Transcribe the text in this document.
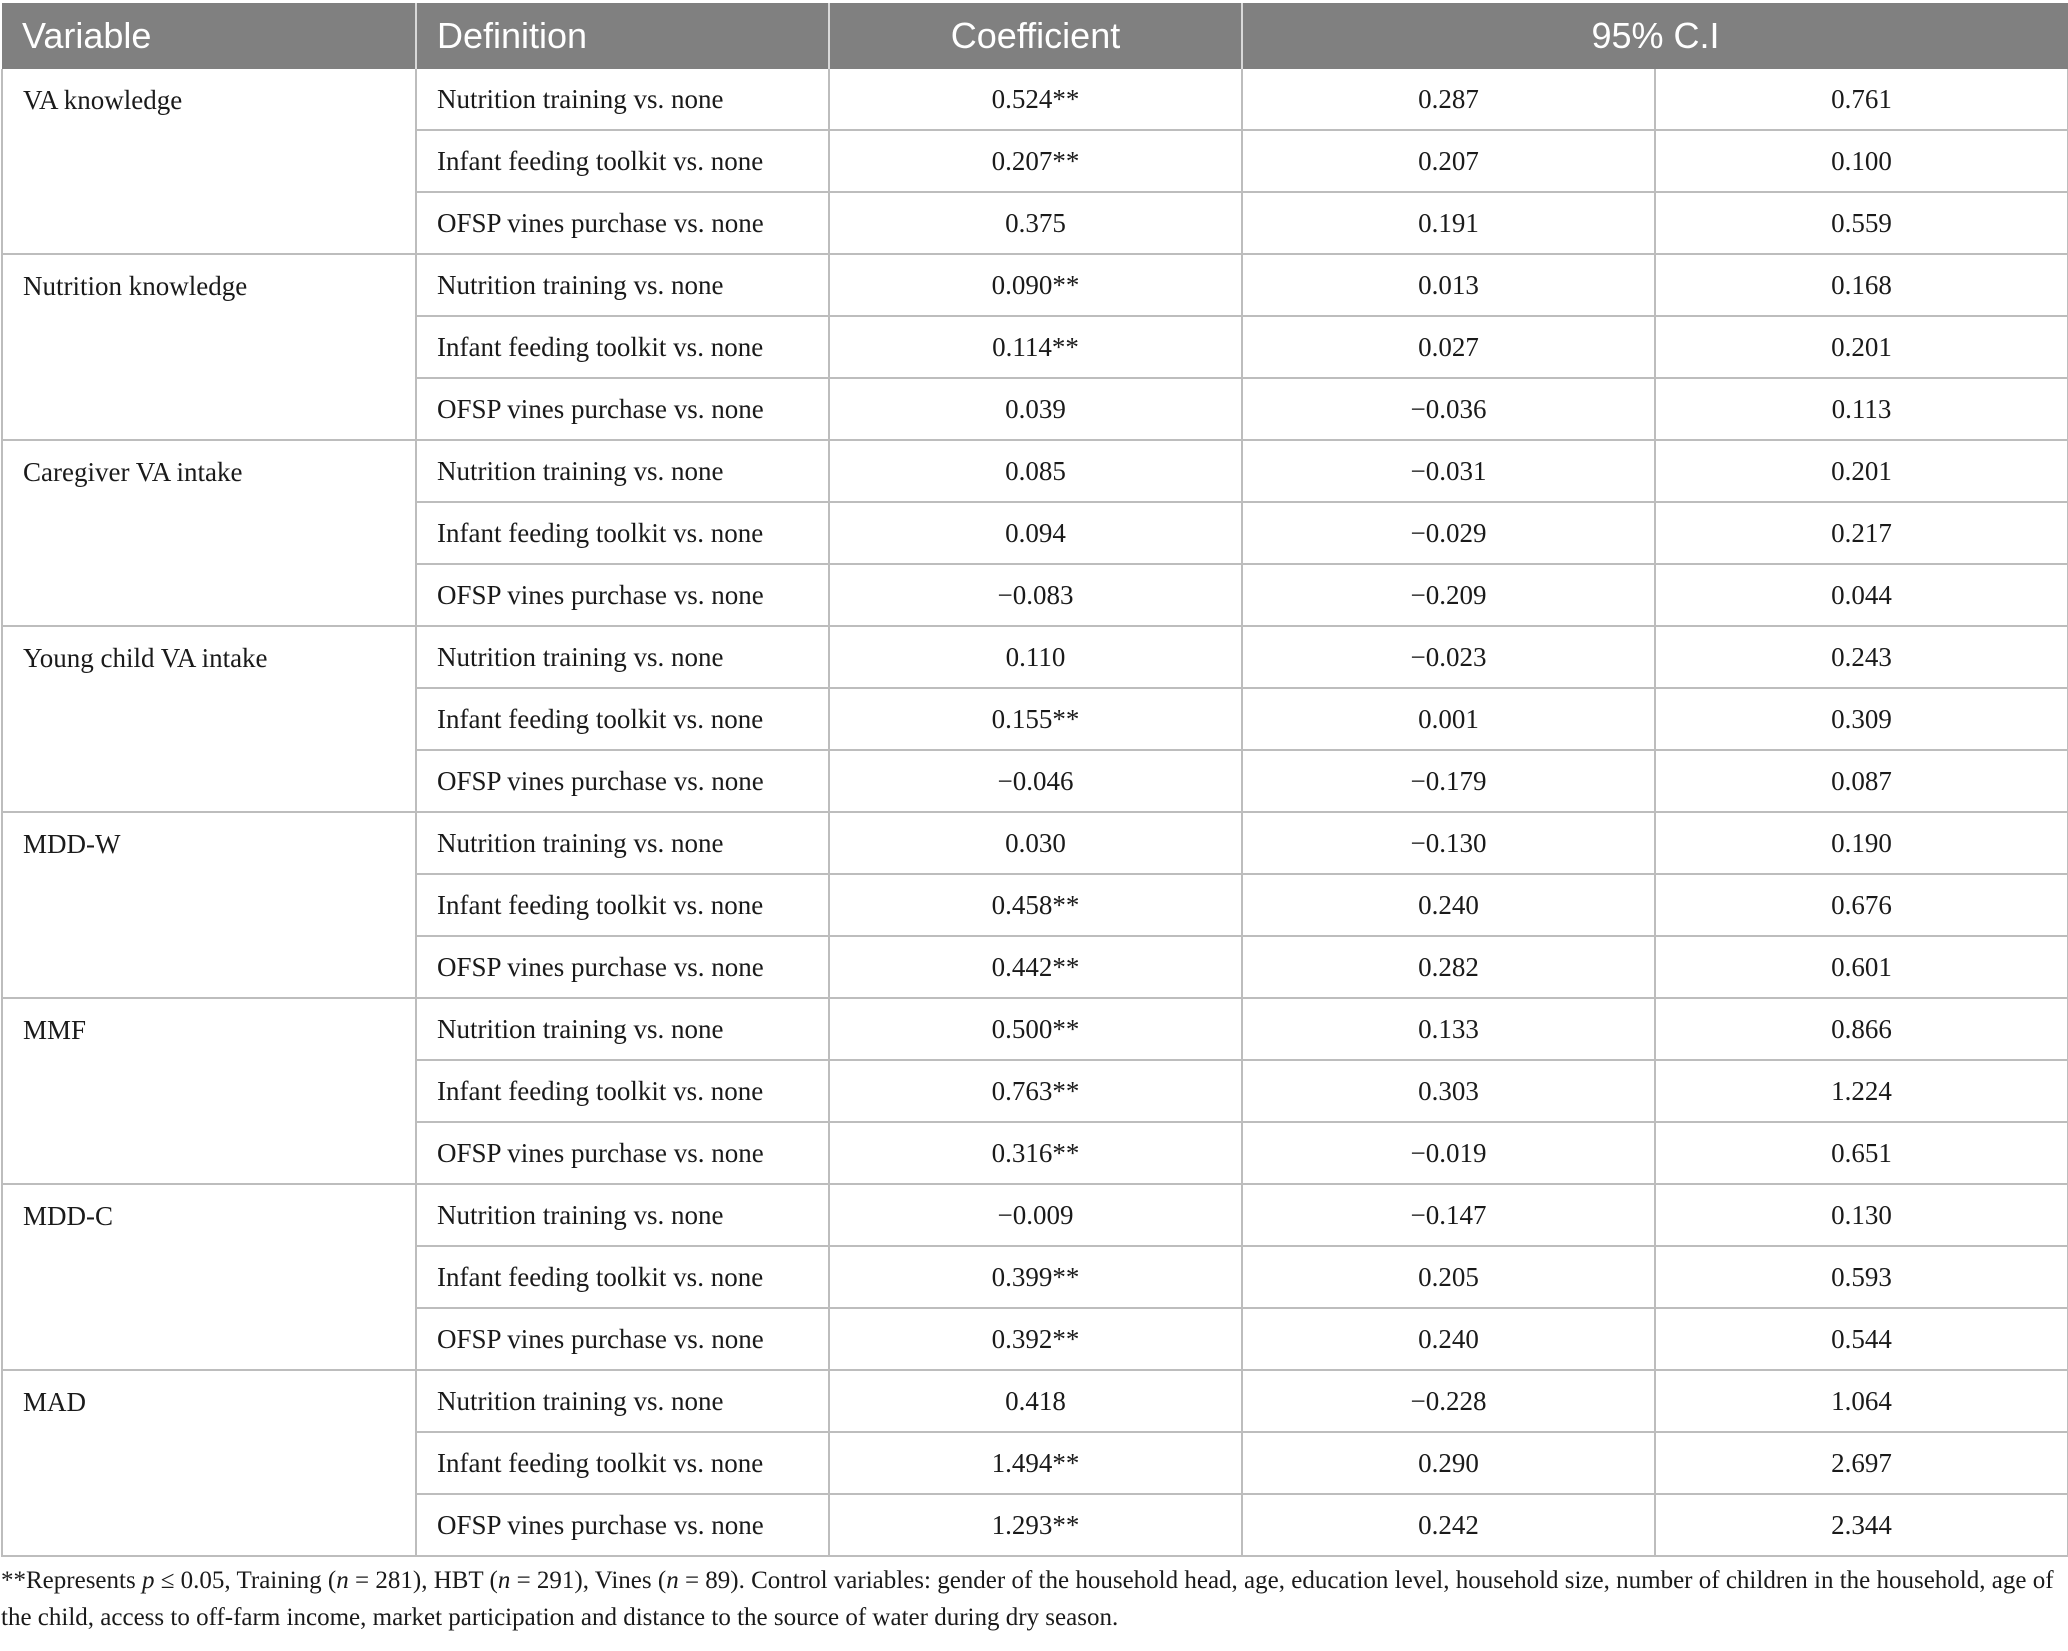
Variable	Definition	Coefficient	95% C.I	
VA knowledge	Nutrition training vs. none	0.524**	0.287	0.761
	Infant feeding toolkit vs. none	0.207**	0.207	0.100
	OFSP vines purchase vs. none	0.375	0.191	0.559
Nutrition knowledge	Nutrition training vs. none	0.090**	0.013	0.168
	Infant feeding toolkit vs. none	0.114**	0.027	0.201
	OFSP vines purchase vs. none	0.039	−0.036	0.113
Caregiver VA intake	Nutrition training vs. none	0.085	−0.031	0.201
	Infant feeding toolkit vs. none	0.094	−0.029	0.217
	OFSP vines purchase vs. none	−0.083	−0.209	0.044
Young child VA intake	Nutrition training vs. none	0.110	−0.023	0.243
	Infant feeding toolkit vs. none	0.155**	0.001	0.309
	OFSP vines purchase vs. none	−0.046	−0.179	0.087
MDD-W	Nutrition training vs. none	0.030	−0.130	0.190
	Infant feeding toolkit vs. none	0.458**	0.240	0.676
	OFSP vines purchase vs. none	0.442**	0.282	0.601
MMF	Nutrition training vs. none	0.500**	0.133	0.866
	Infant feeding toolkit vs. none	0.763**	0.303	1.224
	OFSP vines purchase vs. none	0.316**	−0.019	0.651
MDD-C	Nutrition training vs. none	−0.009	−0.147	0.130
	Infant feeding toolkit vs. none	0.399**	0.205	0.593
	OFSP vines purchase vs. none	0.392**	0.240	0.544
MAD	Nutrition training vs. none	0.418	−0.228	1.064
	Infant feeding toolkit vs. none	1.494**	0.290	2.697
	OFSP vines purchase vs. none	1.293**	0.242	2.344
**Represents p ≤ 0.05, Training (n = 281), HBT (n = 291), Vines (n = 89). Control variables: gender of the household head, age, education level, household size, number of children in the household, age of the child, access to off-farm income, market participation and distance to the source of water during dry season.
